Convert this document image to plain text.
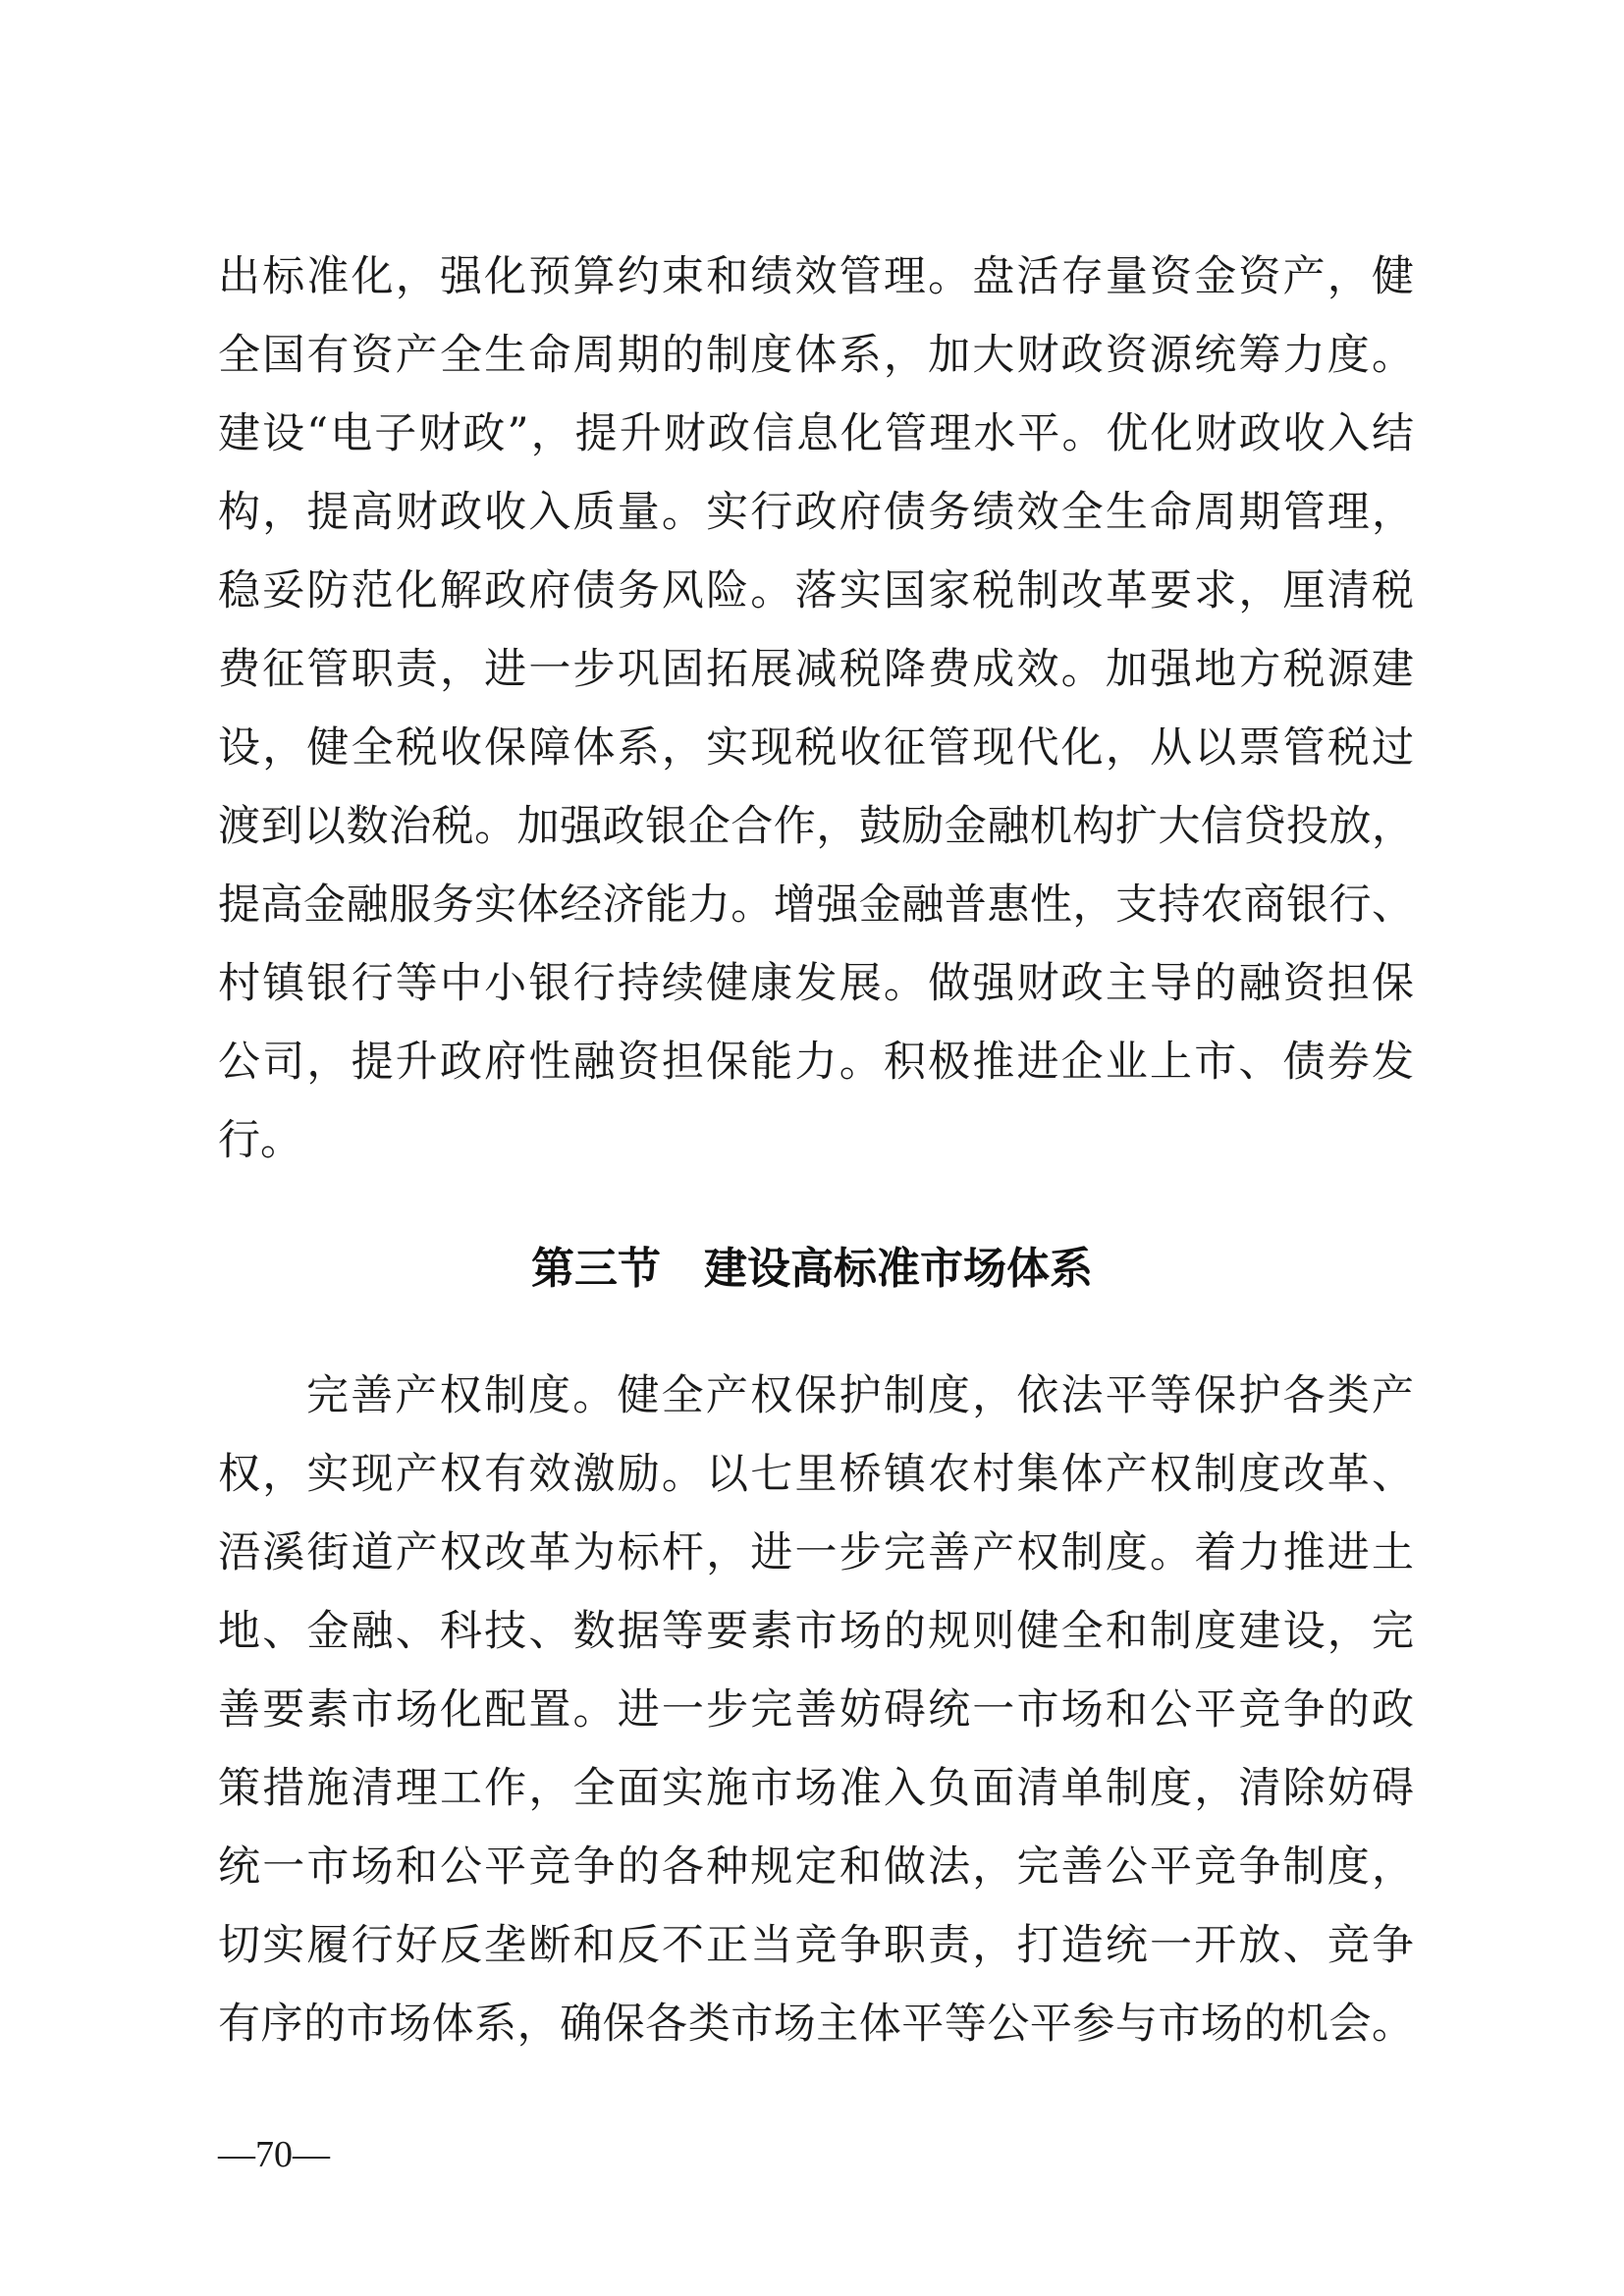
出标准化，强化预算约束和绩效管理。盘活存量资金资产，健

全国有资产全生命周期的制度体系，加大财政资源统筹力度。

建设“电子财政”，提升财政信息化管理水平。优化财政收入结

构，提高财政收入质量。实行政府债务绩效全生命周期管理，

稳妥防范化解政府债务风险。落实国家税制改革要求，厘清税

费征管职责，进一步巩固拓展减税降费成效。加强地方税源建

设，健全税收保障体系，实现税收征管现代化，从以票管税过

渡到以数治税。加强政银企合作，鼓励金融机构扩大信贷投放，

提高金融服务实体经济能力。增强金融普惠性，支持农商银行、

村镇银行等中小银行持续健康发展。做强财政主导的融资担保

公司，提升政府性融资担保能力。积极推进企业上市、债券发

行。

第三节　建设高标准市场体系

完善产权制度。健全产权保护制度，依法平等保护各类产

权，实现产权有效激励。以七里桥镇农村集体产权制度改革、

浯溪街道产权改革为标杆，进一步完善产权制度。着力推进土

地、金融、科技、数据等要素市场的规则健全和制度建设，完

善要素市场化配置。进一步完善妨碍统一市场和公平竞争的政

策措施清理工作，全面实施市场准入负面清单制度，清除妨碍

统一市场和公平竞争的各种规定和做法，完善公平竞争制度，

切实履行好反垄断和反不正当竞争职责，打造统一开放、竞争

有序的市场体系，确保各类市场主体平等公平参与市场的机会。

—70—
